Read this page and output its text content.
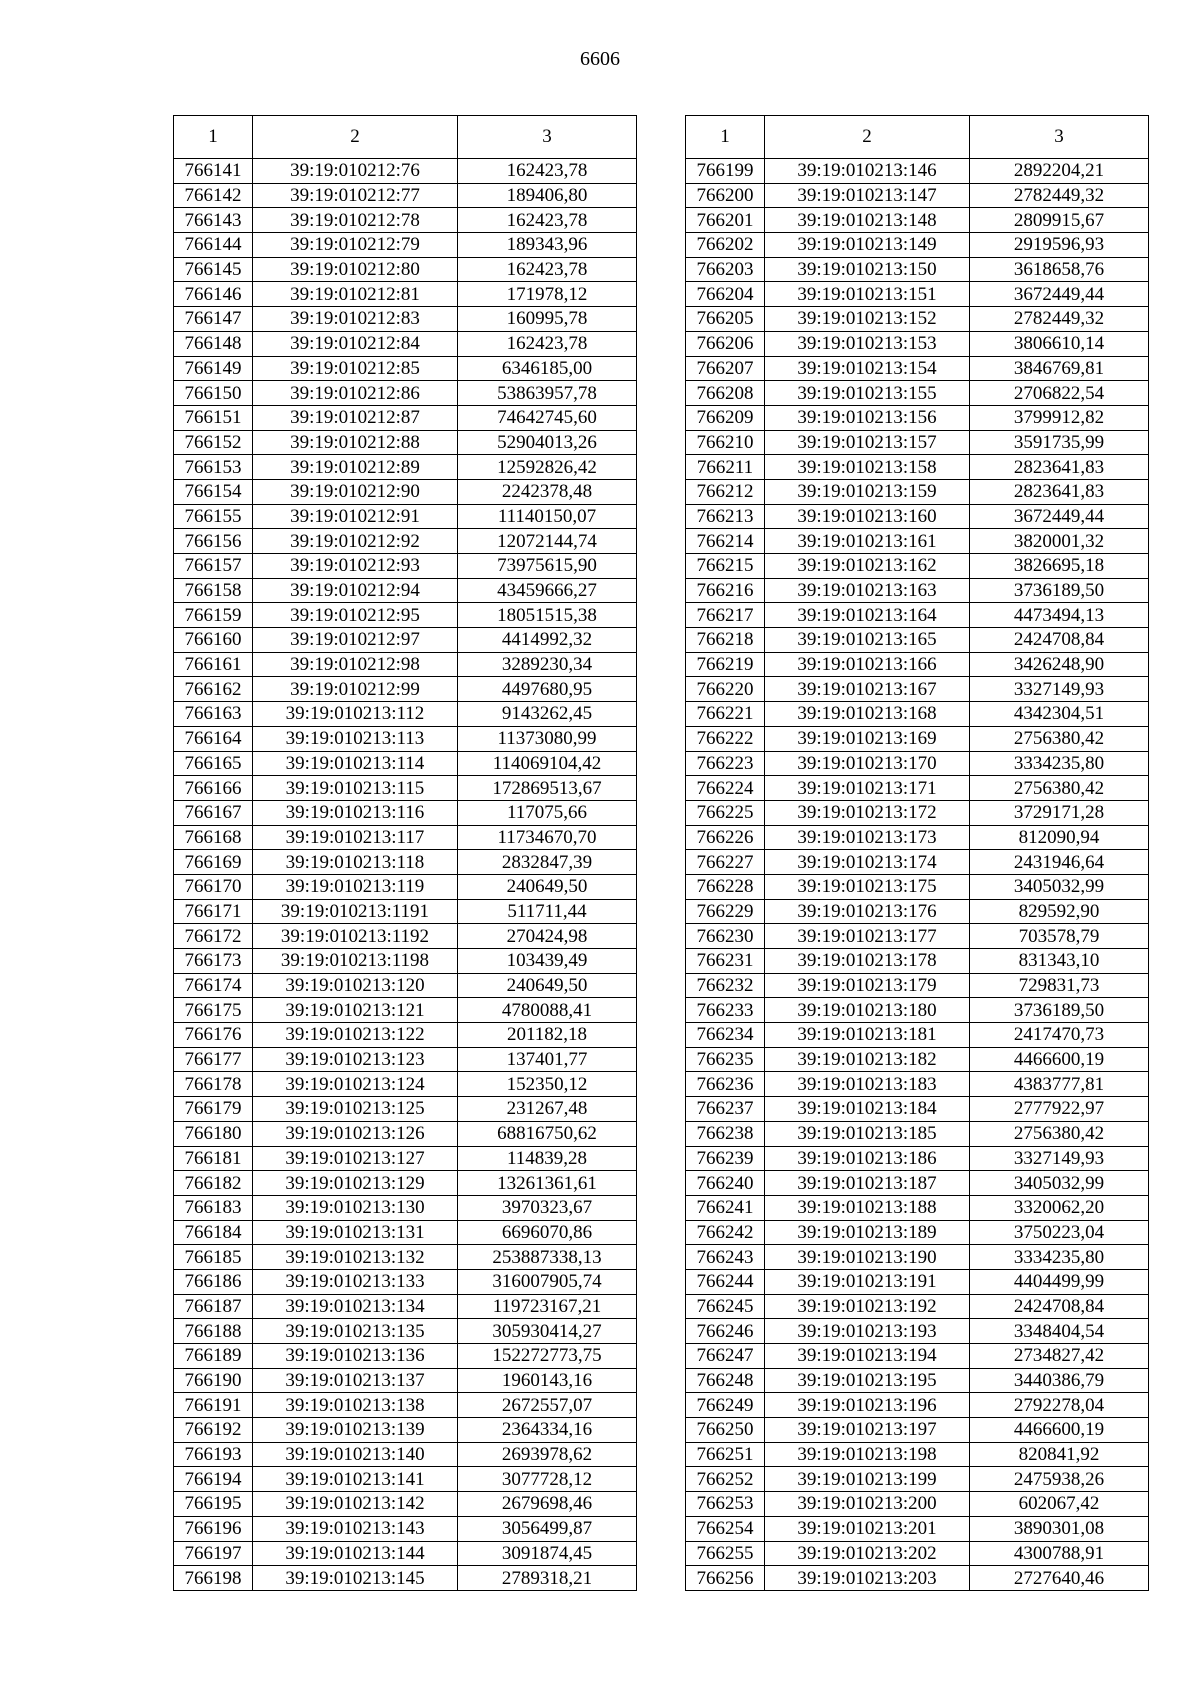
6606
1	2	3
766141	39:19:010212:76	162423,78
766142	39:19:010212:77	189406,80
766143	39:19:010212:78	162423,78
766144	39:19:010212:79	189343,96
766145	39:19:010212:80	162423,78
766146	39:19:010212:81	171978,12
766147	39:19:010212:83	160995,78
766148	39:19:010212:84	162423,78
766149	39:19:010212:85	6346185,00
766150	39:19:010212:86	53863957,78
766151	39:19:010212:87	74642745,60
766152	39:19:010212:88	52904013,26
766153	39:19:010212:89	12592826,42
766154	39:19:010212:90	2242378,48
766155	39:19:010212:91	11140150,07
766156	39:19:010212:92	12072144,74
766157	39:19:010212:93	73975615,90
766158	39:19:010212:94	43459666,27
766159	39:19:010212:95	18051515,38
766160	39:19:010212:97	4414992,32
766161	39:19:010212:98	3289230,34
766162	39:19:010212:99	4497680,95
766163	39:19:010213:112	9143262,45
766164	39:19:010213:113	11373080,99
766165	39:19:010213:114	114069104,42
766166	39:19:010213:115	172869513,67
766167	39:19:010213:116	117075,66
766168	39:19:010213:117	11734670,70
766169	39:19:010213:118	2832847,39
766170	39:19:010213:119	240649,50
766171	39:19:010213:1191	511711,44
766172	39:19:010213:1192	270424,98
766173	39:19:010213:1198	103439,49
766174	39:19:010213:120	240649,50
766175	39:19:010213:121	4780088,41
766176	39:19:010213:122	201182,18
766177	39:19:010213:123	137401,77
766178	39:19:010213:124	152350,12
766179	39:19:010213:125	231267,48
766180	39:19:010213:126	68816750,62
766181	39:19:010213:127	114839,28
766182	39:19:010213:129	13261361,61
766183	39:19:010213:130	3970323,67
766184	39:19:010213:131	6696070,86
766185	39:19:010213:132	253887338,13
766186	39:19:010213:133	316007905,74
766187	39:19:010213:134	119723167,21
766188	39:19:010213:135	305930414,27
766189	39:19:010213:136	152272773,75
766190	39:19:010213:137	1960143,16
766191	39:19:010213:138	2672557,07
766192	39:19:010213:139	2364334,16
766193	39:19:010213:140	2693978,62
766194	39:19:010213:141	3077728,12
766195	39:19:010213:142	2679698,46
766196	39:19:010213:143	3056499,87
766197	39:19:010213:144	3091874,45
766198	39:19:010213:145	2789318,21
1	2	3
766199	39:19:010213:146	2892204,21
766200	39:19:010213:147	2782449,32
766201	39:19:010213:148	2809915,67
766202	39:19:010213:149	2919596,93
766203	39:19:010213:150	3618658,76
766204	39:19:010213:151	3672449,44
766205	39:19:010213:152	2782449,32
766206	39:19:010213:153	3806610,14
766207	39:19:010213:154	3846769,81
766208	39:19:010213:155	2706822,54
766209	39:19:010213:156	3799912,82
766210	39:19:010213:157	3591735,99
766211	39:19:010213:158	2823641,83
766212	39:19:010213:159	2823641,83
766213	39:19:010213:160	3672449,44
766214	39:19:010213:161	3820001,32
766215	39:19:010213:162	3826695,18
766216	39:19:010213:163	3736189,50
766217	39:19:010213:164	4473494,13
766218	39:19:010213:165	2424708,84
766219	39:19:010213:166	3426248,90
766220	39:19:010213:167	3327149,93
766221	39:19:010213:168	4342304,51
766222	39:19:010213:169	2756380,42
766223	39:19:010213:170	3334235,80
766224	39:19:010213:171	2756380,42
766225	39:19:010213:172	3729171,28
766226	39:19:010213:173	812090,94
766227	39:19:010213:174	2431946,64
766228	39:19:010213:175	3405032,99
766229	39:19:010213:176	829592,90
766230	39:19:010213:177	703578,79
766231	39:19:010213:178	831343,10
766232	39:19:010213:179	729831,73
766233	39:19:010213:180	3736189,50
766234	39:19:010213:181	2417470,73
766235	39:19:010213:182	4466600,19
766236	39:19:010213:183	4383777,81
766237	39:19:010213:184	2777922,97
766238	39:19:010213:185	2756380,42
766239	39:19:010213:186	3327149,93
766240	39:19:010213:187	3405032,99
766241	39:19:010213:188	3320062,20
766242	39:19:010213:189	3750223,04
766243	39:19:010213:190	3334235,80
766244	39:19:010213:191	4404499,99
766245	39:19:010213:192	2424708,84
766246	39:19:010213:193	3348404,54
766247	39:19:010213:194	2734827,42
766248	39:19:010213:195	3440386,79
766249	39:19:010213:196	2792278,04
766250	39:19:010213:197	4466600,19
766251	39:19:010213:198	820841,92
766252	39:19:010213:199	2475938,26
766253	39:19:010213:200	602067,42
766254	39:19:010213:201	3890301,08
766255	39:19:010213:202	4300788,91
766256	39:19:010213:203	2727640,46
